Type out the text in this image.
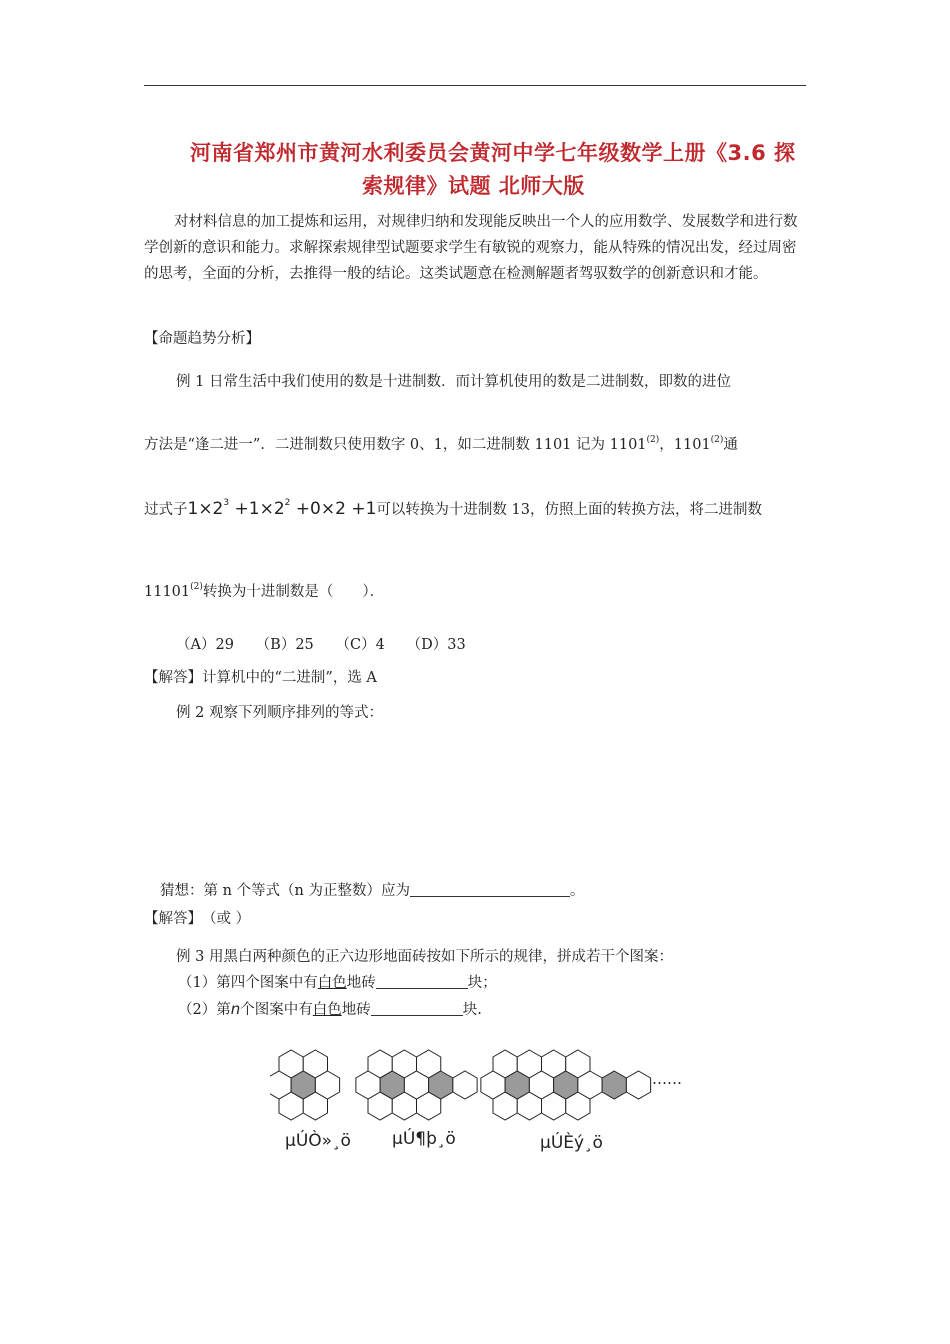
河南省郑州市黄河水利委员会黄河中学七年级数学上册《3.6 探
索规律》试题 北师大版
对材料信息的加工提炼和运用，对规律归纳和发现能反映出一个人的应用数学、发展数学和进行数学创新的意识和能力。求解探索规律型试题要求学生有敏锐的观察力，能从特殊的情况出发，经过周密的思考，全面的分析，去推得一般的结论。这类试题意在检测解题者驾驭数学的创新意识和才能。
【命题趋势分析】
例 1 日常生活中我们使用的数是十进制数．而计算机使用的数是二进制数，即数的进位
方法是“逢二进一”．二进制数只使用数字 0、1，如二进制数 1101 记为 1101$^{(2)}$，1101$^{(2)}$通
过式子$1\times 2^3 +1\times 2^2 +0\times 2 +1$可以转换为十进制数 13，仿照上面的转换方法，将二进制数
11101$^{(2)}$转换为十进制数是（　　）．
（A）29　　（B）25　　（C）4　　（D）33
【解答】计算机中的“二进制”，选 A
例 2 观察下列顺序排列的等式：
猜想：第 n 个等式（n 为正整数）应为	。
【解答】　 （或 ）
例 3 用黑白两种颜色的正六边形地面砖按如下所示的规律，拼成若干个图案：
（1）第四个图案中有白色地砖	块；
（2）第n个图案中有白色地砖	块.
……
µÚÒ»¸ö µÚ¶þ¸ö	µÚÈý¸ö
